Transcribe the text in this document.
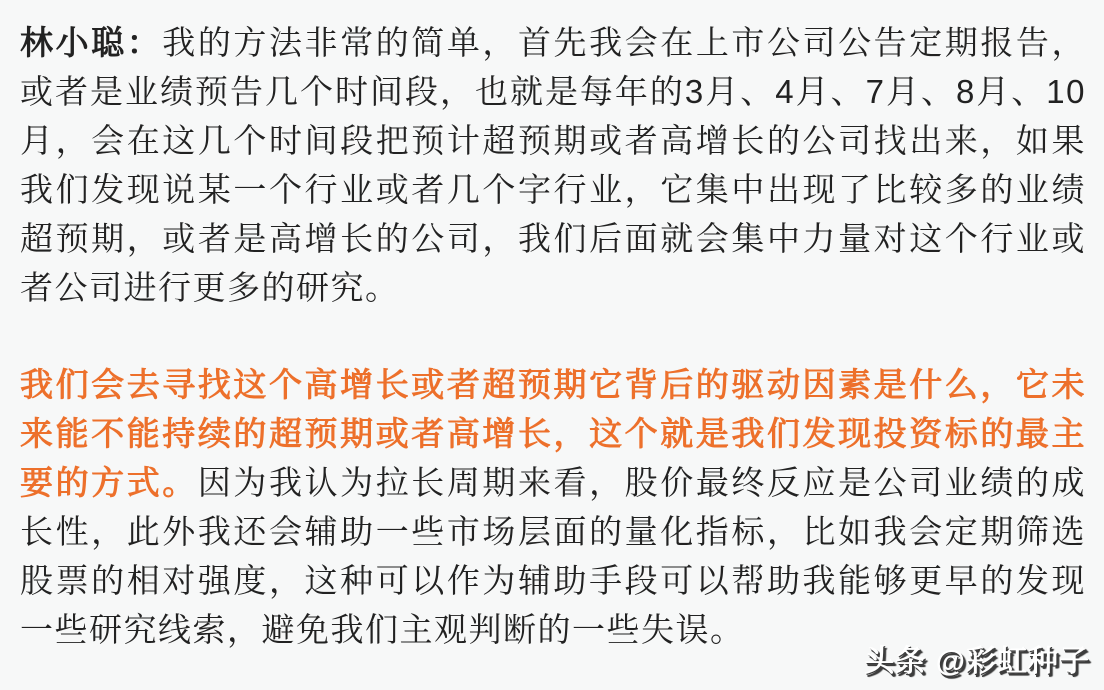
林小聪：我的方法非常的简单，首先我会在上市公司公告定期报告，或者是业绩预告几个时间段，也就是每年的3月、4月、7月、8月、10月，会在这几个时间段把预计超预期或者高增长的公司找出来，如果我们发现说某一个行业或者几个字行业，它集中出现了比较多的业绩超预期，或者是高增长的公司，我们后面就会集中力量对这个行业或者公司进行更多的研究。

我们会去寻找这个高增长或者超预期它背后的驱动因素是什么，它未来能不能持续的超预期或者高增长，这个就是我们发现投资标的最主要的方式。因为我认为拉长周期来看，股价最终反应是公司业绩的成长性，此外我还会辅助一些市场层面的量化指标，比如我会定期筛选股票的相对强度，这种可以作为辅助手段可以帮助我能够更早的发现一些研究线索，避免我们主观判断的一些失误。

头条 @彩虹种子
